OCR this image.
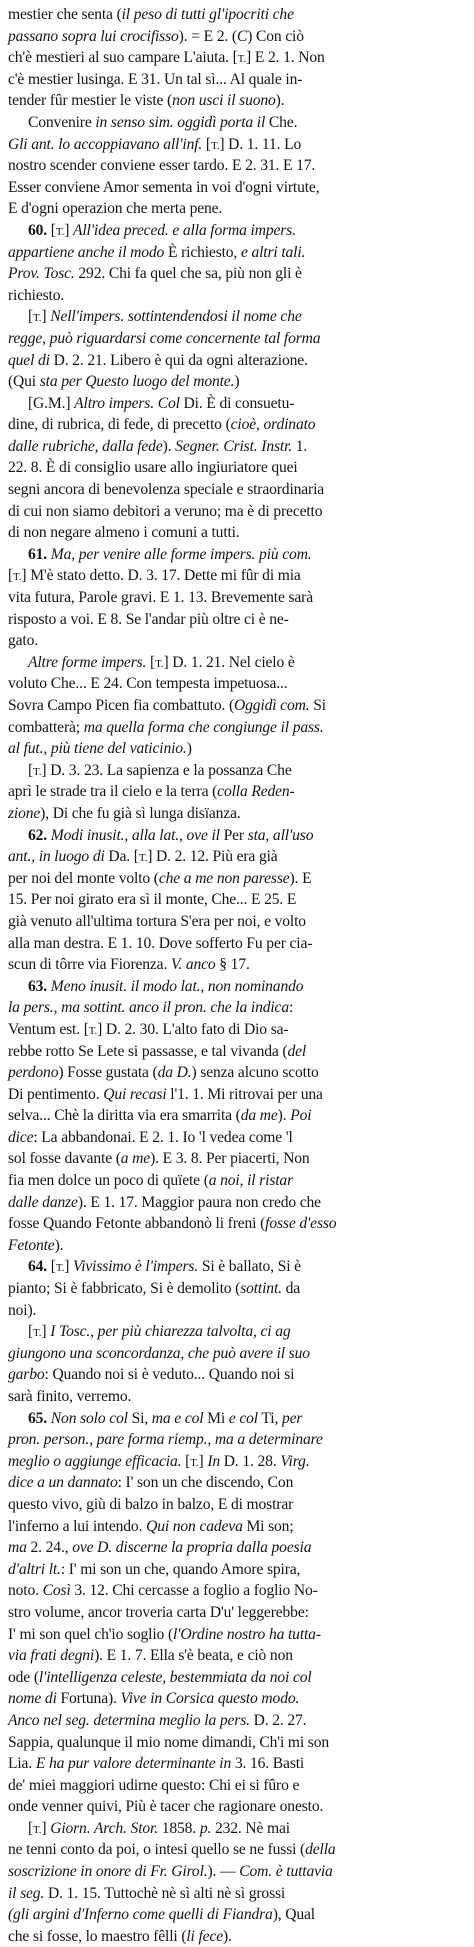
mestier che senta (il peso di tutti gl'ipocriti che
passano sopra lui crocifisso). = E 2. (C) Con ciò
ch'è mestieri al suo campare L'aiuta. [T.] E 2. 1. Non
c'è mestier lusinga. E 31. Un tal sì... Al quale in-
tender fûr mestier le viste (non usci il suono).
Convenire in senso sim. oggidì porta il Che.
Gli ant. lo accoppiavano all'inf. [T.] D. 1. 11. Lo
nostro scender conviene esser tardo. E 2. 31. E 17.
Esser conviene Amor sementa in voi d'ogni virtute,
E d'ogni operazion che merta pene.
60. [T.] All'idea preced. e alla forma impers.
appartiene anche il modo È richiesto, e altri tali.
Prov. Tosc. 292. Chi fa quel che sa, più non gli è
richiesto.
[T.] Nell'impers. sottintendendosi il nome che
regge, può riguardarsi come concernente tal forma
quel di D. 2. 21. Libero è qui da ogni alterazione.
(Qui sta per Questo luogo del monte.)
[G.M.] Altro impers. Col Di. È di consuetu-
dine, di rubrica, di fede, di precetto (cioè, ordinato
dalle rubriche, dalla fede). Segner. Crist. Instr. 1.
22. 8. È di consiglio usare allo ingiuriatore quei
segni ancora di benevolenza speciale e straordinaria
di cui non siamo debitori a veruno; ma è di precetto
di non negare almeno i comuni a tutti.
61. Ma, per venire alle forme impers. più com.
[T.] M'è stato detto. D. 3. 17. Dette mi fûr di mia
vita futura, Parole gravi. E 1. 13. Brevemente sarà
risposto a voi. E 8. Se l'andar più oltre ci è ne-
gato.
Altre forme impers. [T.] D. 1. 21. Nel cielo è
voluto Che... E 24. Con tempesta impetuosa...
Sovra Campo Picen fia combattuto. (Oggidì com. Si
combatterà; ma quella forma che congiunge il pass.
al fut., più tiene del vaticinio.)
[T.] D. 3. 23. La sapienza e la possanza Che
aprì le strade tra il cielo e la terra (colla Reden-
zione), Di che fu già sì lunga disïanza.
62. Modi inusit., alla lat., ove il Per sta, all'uso
ant., in luogo di Da. [T.] D. 2. 12. Più era già
per noi del monte volto (che a me non paresse). E
15. Per noi girato era sì il monte, Che... E 25. E
già venuto all'ultima tortura S'era per noi, e volto
alla man destra. E 1. 10. Dove sofferto Fu per cia-
scun di tôrre via Fiorenza. V. anco § 17.
63. Meno inusit. il modo lat., non nominando
la pers., ma sottint. anco il pron. che la indica:
Ventum est. [T.] D. 2. 30. L'alto fato di Dio sa-
rebbe rotto Se Lete si passasse, e tal vivanda (del
perdono) Fosse gustata (da D.) senza alcuno scotto
Di pentimento. Qui recasi l'1. 1. Mi ritrovai per una
selva... Chè la diritta via era smarrita (da me). Poi
dice: La abbandonai. E 2. 1. Io 'l vedea come 'l
sol fosse davante (a me). E 3. 8. Per piacerti, Non
fia men dolce un poco di quïete (a noi, il ristar
dalle danze). E 1. 17. Maggior paura non credo che
fosse Quando Fetonte abbandonò li freni (fosse d'esso
Fetonte).
64. [T.] Vivissimo è l'impers. Si è ballato, Si è
pianto; Si è fabbricato, Si è demolito (sottint. da
noi).
[T.] I Tosc., per più chiarezza talvolta, ci ag
giungono una sconcordanza, che può avere il suo
garbo: Quando noi si è veduto... Quando noi si
sarà finito, verremo.
65. Non solo col Si, ma e col Mi e col Ti, per
pron. person., pare forma riemp., ma a determinare
meglio o aggiunge efficacia. [T.] In D. 1. 28. Virg.
dice a un dannato: I' son un che discendo, Con
questo vivo, giù di balzo in balzo, E di mostrar
l'inferno a lui intendo. Qui non cadeva Mi son;
ma 2. 24., ove D. discerne la propria dalla poesia
d'altri lt.: I' mi son un che, quando Amore spira,
noto. Così 3. 12. Chi cercasse a foglio a foglio No-
stro volume, ancor troveria carta D'u' leggerebbe:
I' mi son quel ch'io soglio (l'Ordine nostro ha tutta-
via frati degni). E 1. 7. Ella s'è beata, e ciò non
ode (l'intelligenza celeste, bestemmiata da noi col
nome di Fortuna). Vive in Corsica questo modo.
Anco nel seg. determina meglio la pers. D. 2. 27.
Sappia, qualunque il mio nome dimandi, Ch'i mi son
Lia. E ha pur valore determinante in 3. 16. Basti
de' miei maggiori udirne questo: Chi ei si fûro e
onde venner quivi, Più è tacer che ragionare onesto.
[T.] Giorn. Arch. Stor. 1858. p. 232. Nè mai
ne tenni conto da poi, o intesi quello se ne fussi (della
soscrizione in onore di Fr. Girol.). — Com. è tuttavia
il seg. D. 1. 15. Tuttochè nè sì alti nè sì grossi
(gli argini d'Inferno come quelli di Fiandra), Qual
che si fosse, lo maestro fêlli (li fece).
